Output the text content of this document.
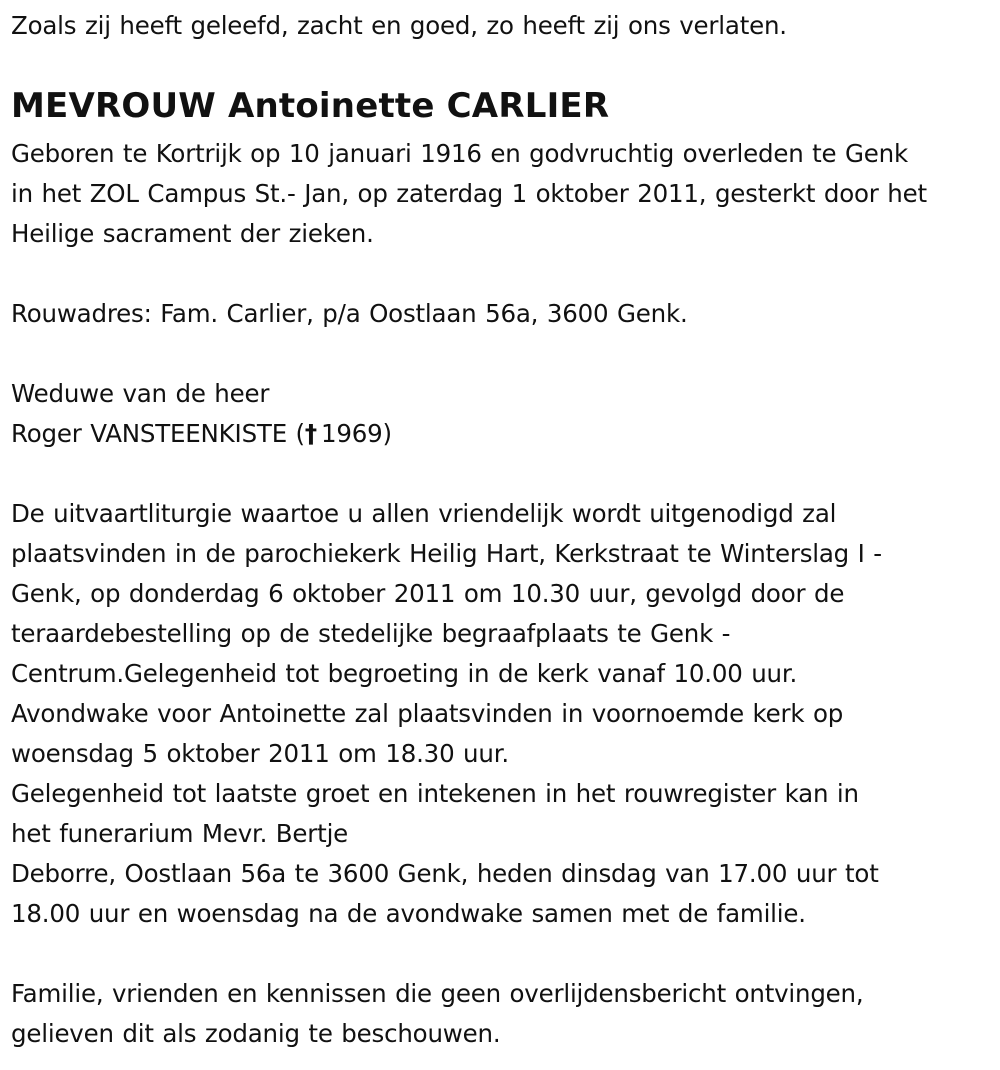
Zoals zij heeft geleefd, zacht en goed, zo heeft zij ons verlaten.
MEVROUW Antoinette CARLIER
Geboren te Kortrijk op 10 januari 1916 en godvruchtig overleden te Genk
in het ZOL Campus St.- Jan, op zaterdag 1 oktober 2011, gesterkt door het
Heilige sacrament der zieken.
Rouwadres: Fam. Carlier, p/a Oostlaan 56a, 3600 Genk.
Weduwe van de heer
Roger VANSTEENKISTE († 1969)
De uitvaartliturgie waartoe u allen vriendelijk wordt uitgenodigd zal
plaatsvinden in de parochiekerk Heilig Hart, Kerkstraat te Winterslag I -
Genk, op donderdag 6 oktober 2011 om 10.30 uur, gevolgd door de
teraardebestelling op de stedelijke begraafplaats te Genk -
Centrum.Gelegenheid tot begroeting in de kerk vanaf 10.00 uur.
Avondwake voor Antoinette zal plaatsvinden in voornoemde kerk op
woensdag 5 oktober 2011 om 18.30 uur.
Gelegenheid tot laatste groet en intekenen in het rouwregister kan in
het funerarium Mevr. Bertje
Deborre, Oostlaan 56a te 3600 Genk, heden dinsdag van 17.00 uur tot
18.00 uur en woensdag na de avondwake samen met de familie.
Familie, vrienden en kennissen die geen overlijdensbericht ontvingen,
gelieven dit als zodanig te beschouwen.
